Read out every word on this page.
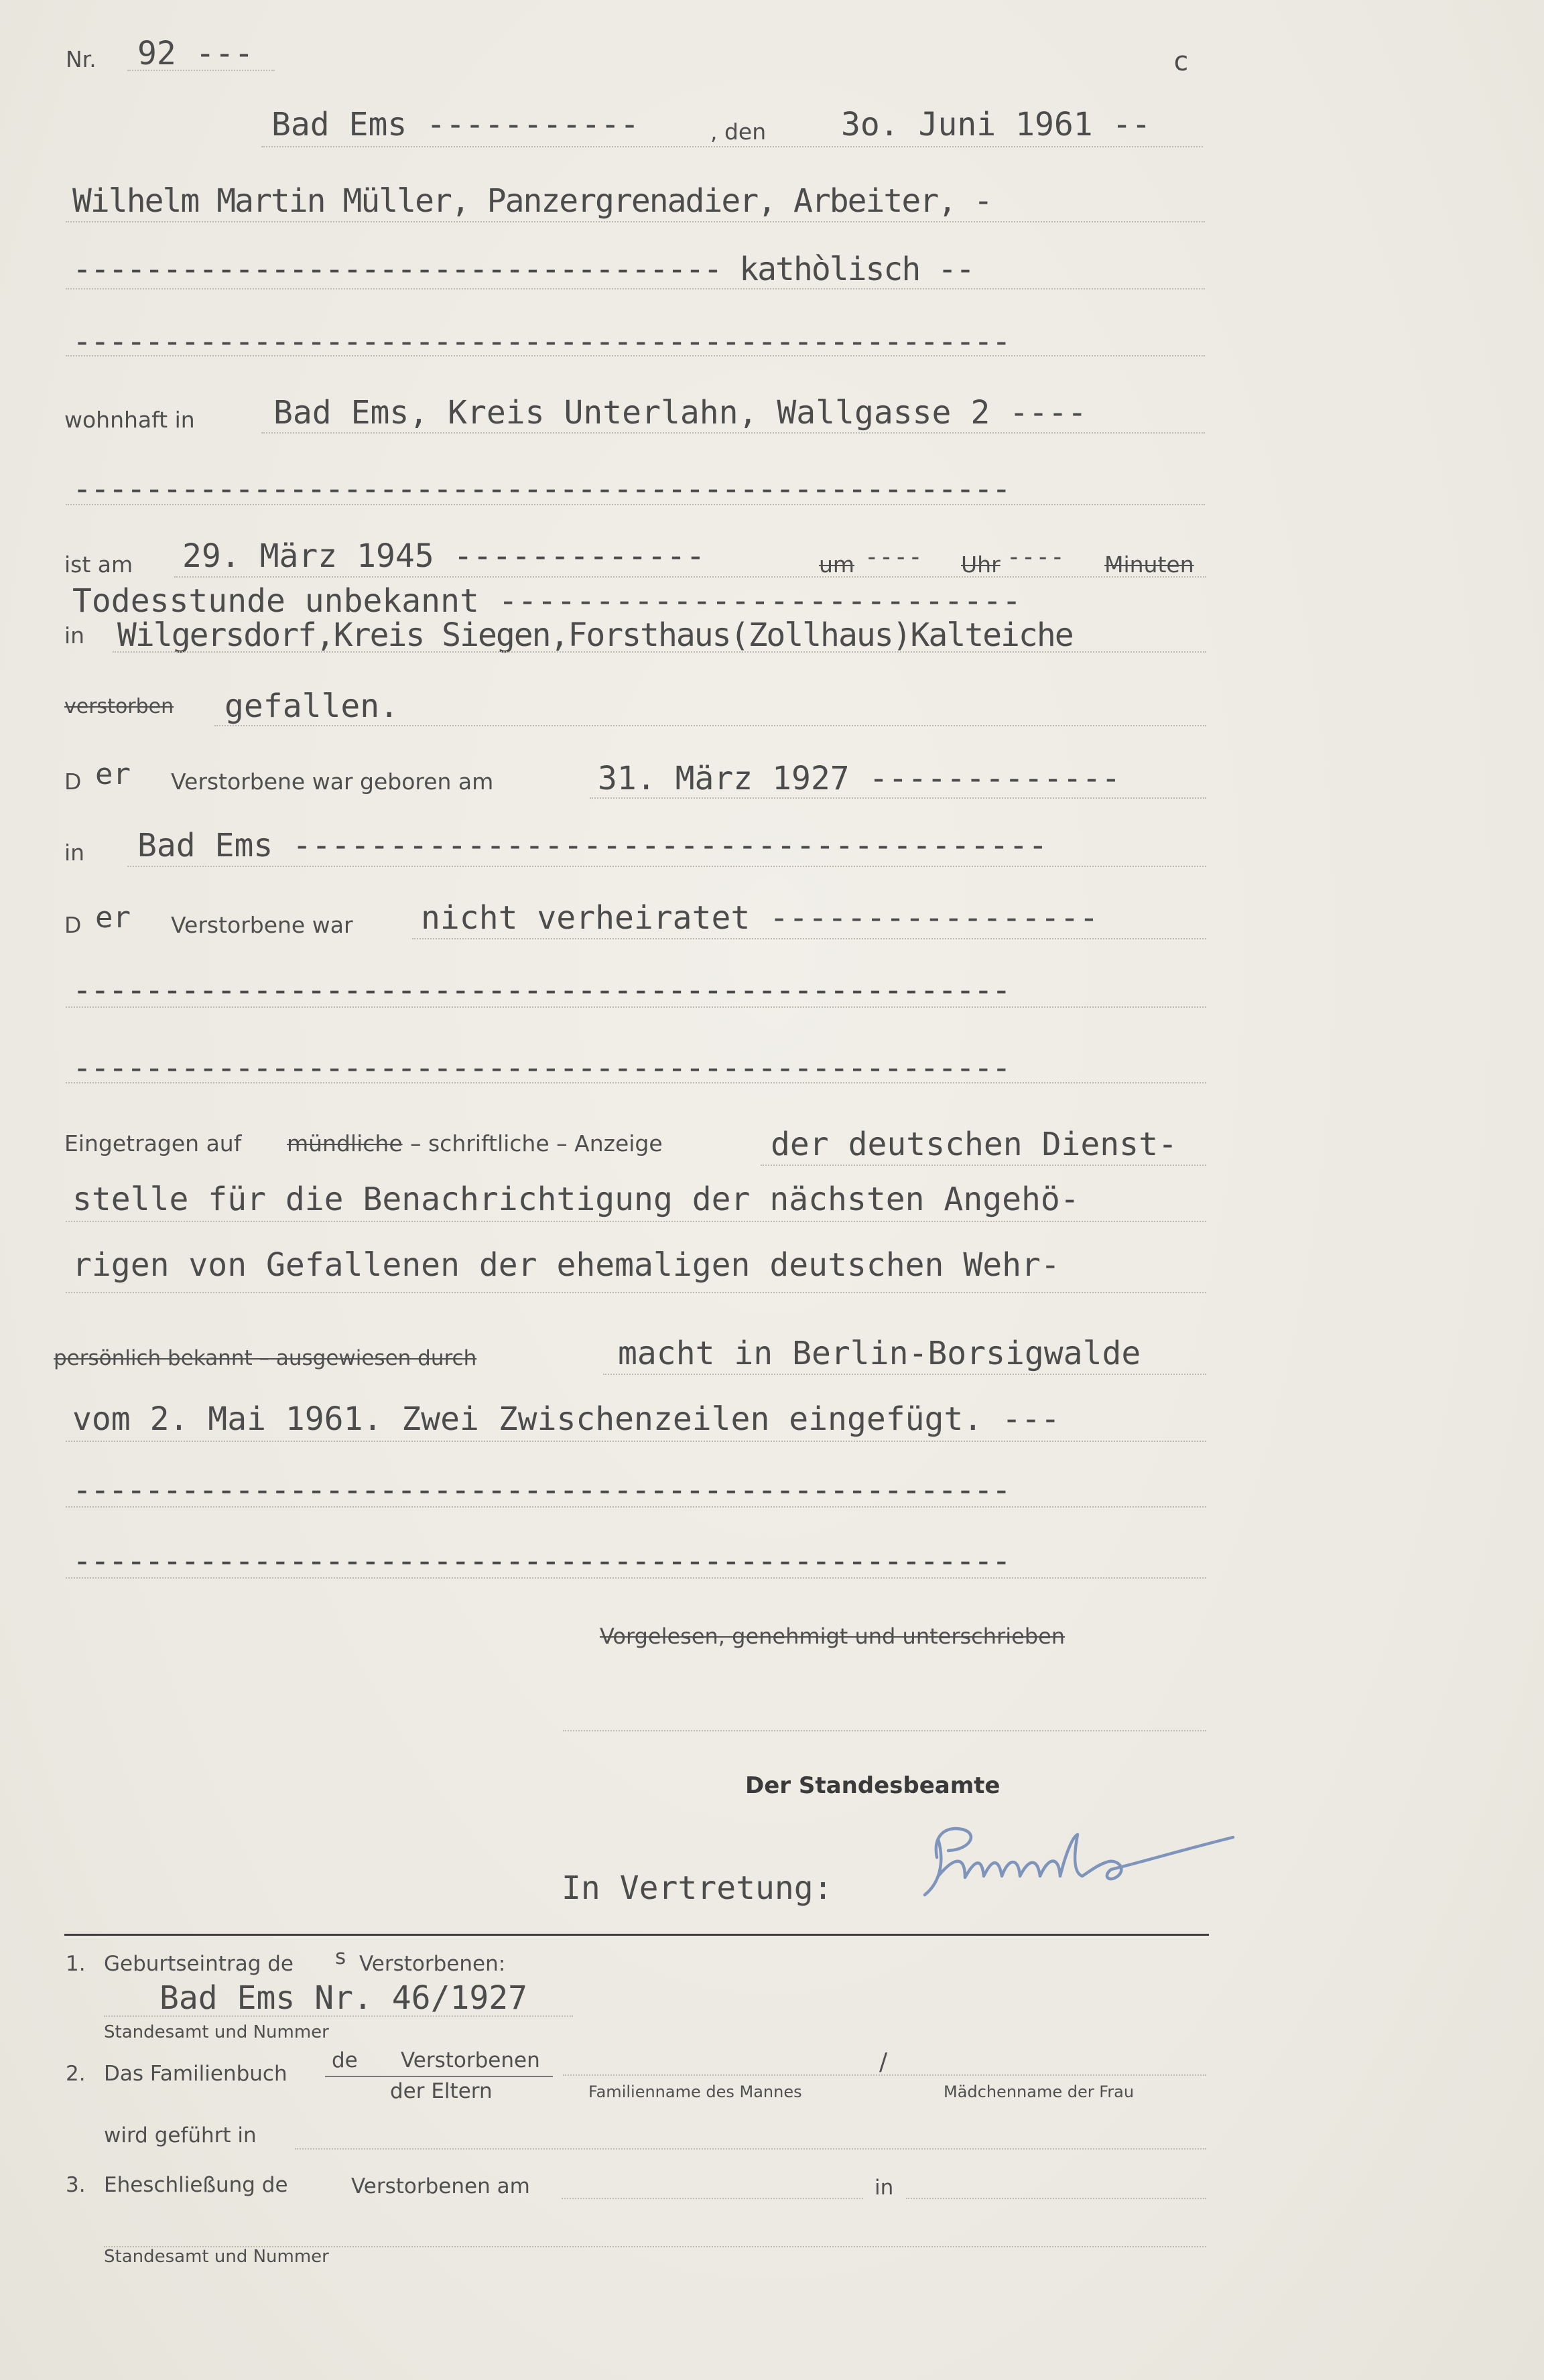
Nr. 92 ---	c
Bad Ems -----------	, den 3o. Juni 1961 --
Wilhelm Martin Müller, Panzergrenadier, Arbeiter, -
------------------------------------ kathòlisch --
----------------------------------------------------
wohnhaft in Bad Ems, Kreis Unterlahn, Wallgasse 2 ----
----------------------------------------------------
ist am 29. März 1945 -------------	um ---- Uhr ---- Minuten
Todesstunde unbekannt ---------------------------
in Wilgersdorf,Kreis Siegen,Forsthaus(Zollhaus)Kalteiche
verstorben gefallen.
D er Verstorbene war geboren am	31. März 1927 -------------
in Bad Ems ---------------------------------------
D er Verstorbene war nicht verheiratet -----------------
----------------------------------------------------
----------------------------------------------------
Eingetragen auf mündliche – schriftliche – Anzeige	der deutschen Dienst-
stelle für die Benachrichtigung der nächsten Angehö-
rigen von Gefallenen der ehemaligen deutschen Wehr-
persönlich bekannt – ausgewiesen durch	macht in Berlin-Borsigwalde
vom 2. Mai 1961. Zwei Zwischenzeilen eingefügt. ---
----------------------------------------------------
----------------------------------------------------
Vorgelesen, genehmigt und unterschrieben
Der Standesbeamte
In Vertretung:
1. Geburtseintrag de s Verstorbenen:
Bad Ems Nr. 46/1927
Standesamt und Nummer
2. Das Familienbuch
de Verstorbenen
der Eltern	Familienname des Mannes
/
Mädchenname der Frau
wird geführt in
3. Eheschließung de	Verstorbenen am	in
Standesamt und Nummer
